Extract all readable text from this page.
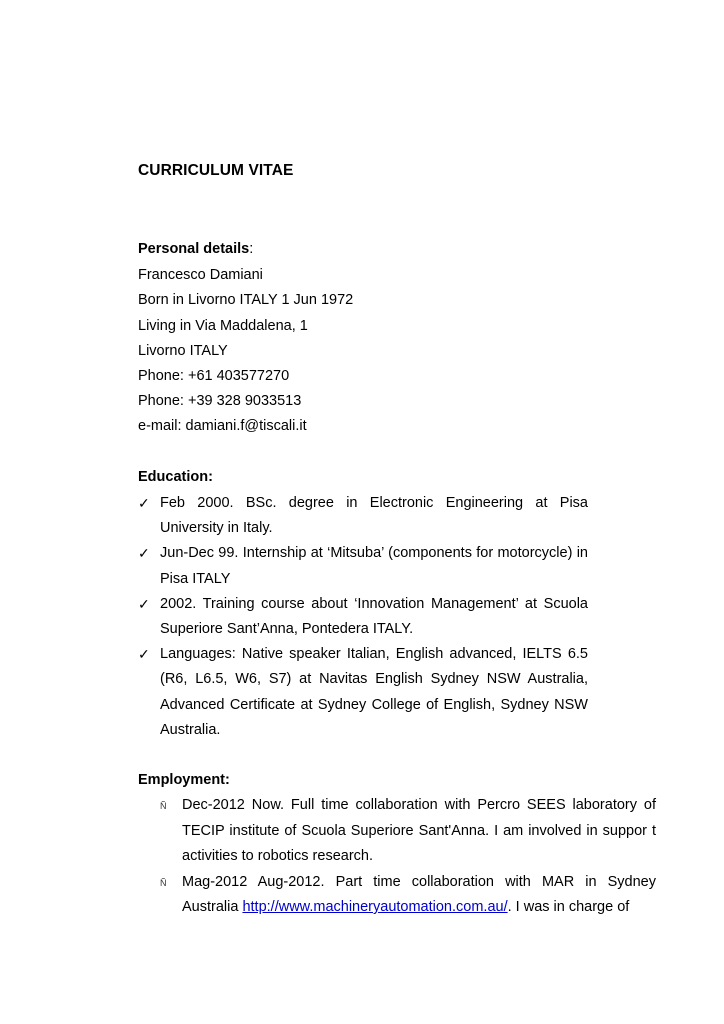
CURRICULUM VITAE
Personal details:
Francesco Damiani
Born in Livorno ITALY 1 Jun 1972
Living in Via Maddalena, 1
Livorno ITALY
Phone: +61 403577270
Phone: +39 328 9033513
e-mail: damiani.f@tiscali.it
Education:
✓ Feb 2000. BSc. degree in Electronic Engineering at Pisa University in Italy.
✓ Jun-Dec 99. Internship at ‘Mitsuba’ (components for motorcycle) in Pisa ITALY
✓ 2002. Training course about ‘Innovation Management’ at Scuola Superiore Sant’Anna, Pontedera ITALY.
✓ Languages: Native speaker Italian, English advanced, IELTS 6.5 (R6, L6.5, W6, S7) at Navitas English Sydney NSW Australia, Advanced Certificate at Sydney College of English, Sydney NSW Australia.
Employment:
Ñ Dec-2012 Now. Full time collaboration with Percro SEES laboratory of TECIP institute of Scuola Superiore Sant'Anna. I am involved in suppor t activities to robotics research.
Ñ Mag-2012 Aug-2012. Part time collaboration with MAR in Sydney Australia http://www.machineryautomation.com.au/. I was in charge of
